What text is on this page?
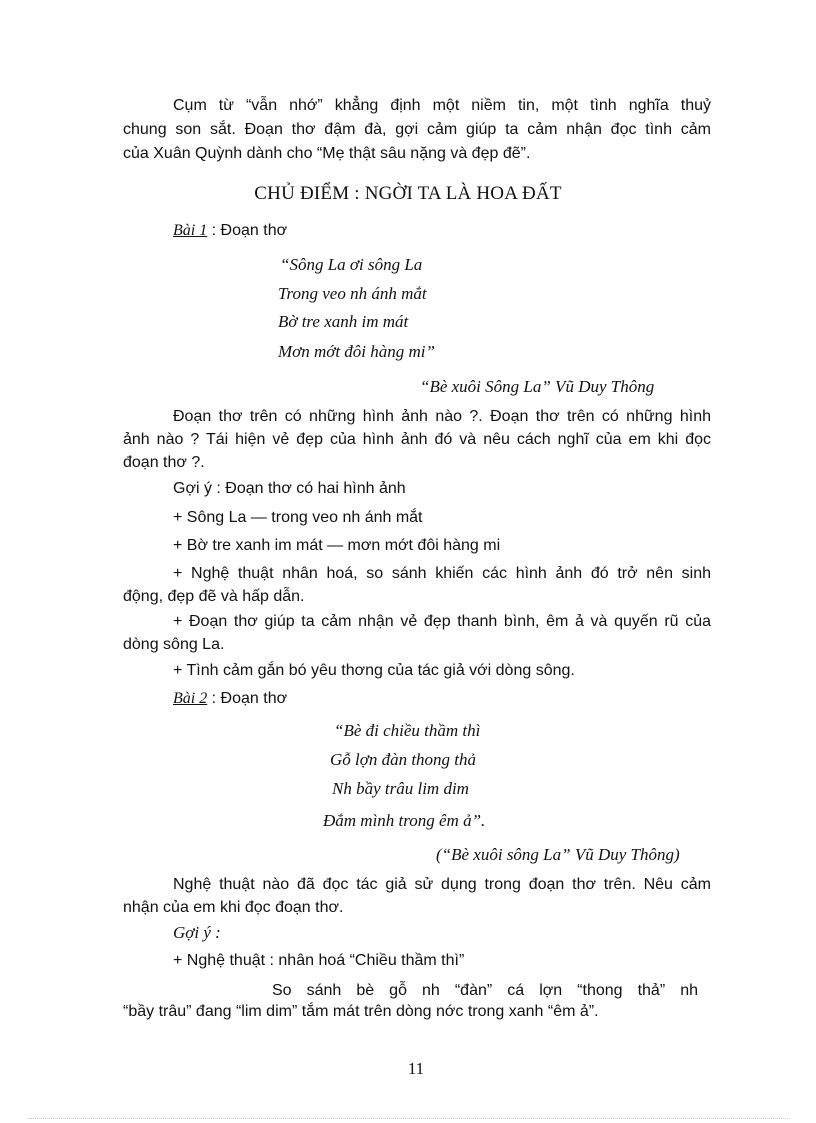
Cụm từ “vẫn nhớ” khẳng định một niềm tin, một tình nghĩa thuỷ

chung son sắt. Đoạn thơ đậm đà, gợi cảm giúp ta cảm nhận đọc tình cảm

của Xuân Quỳnh dành cho “Mẹ thật sâu nặng và đẹp đẽ”.

CHỦ ĐIỂM : NGỜI TA LÀ HOA ĐẤT

Bài 1 : Đoạn thơ

“Sông La ơi sông La

Trong veo nh ánh mắt

Bờ tre xanh im mát

Mơn mớt đôi hàng mi”

“Bè xuôi Sông La” Vũ Duy Thông

Đoạn thơ trên có những hình ảnh nào ?. Đoạn thơ trên có những hình

ảnh nào ? Tái hiện vẻ đẹp của hình ảnh đó và nêu cách nghĩ của em khi đọc

đoạn thơ ?.

Gợi ý : Đoạn thơ có hai hình ảnh

+ Sông La — trong veo nh ánh mắt

+ Bờ tre xanh im mát — mơn mớt đôi hàng mi

+ Nghệ thuật nhân hoá, so sánh khiến các hình ảnh đó trở nên sinh

động, đẹp đẽ và hấp dẫn.

+ Đoạn thơ giúp ta cảm nhận vẻ đẹp thanh bình, êm ả và quyến rũ của

dòng sông La.

+ Tình cảm gắn bó yêu thơng của tác giả với dòng sông.

Bài 2 : Đoạn thơ

“Bè đi chiều thầm thì

Gỗ lợn đàn thong thả

Nh bầy trâu lim dim

Đắm mình trong êm ả”.

(“Bè xuôi sông La” Vũ Duy Thông)

Nghệ thuật nào đã đọc tác giả sử dụng trong đoạn thơ trên. Nêu cảm

nhận của em khi đọc đoạn thơ.

Gợi ý :

+ Nghệ thuật : nhân hoá “Chiều thầm thì”

So sánh bè gỗ nh “đàn” cá lợn “thong thả” nh

“bầy trâu” đang “lim dim” tắm mát trên dòng nớc trong xanh “êm ả”.

11
